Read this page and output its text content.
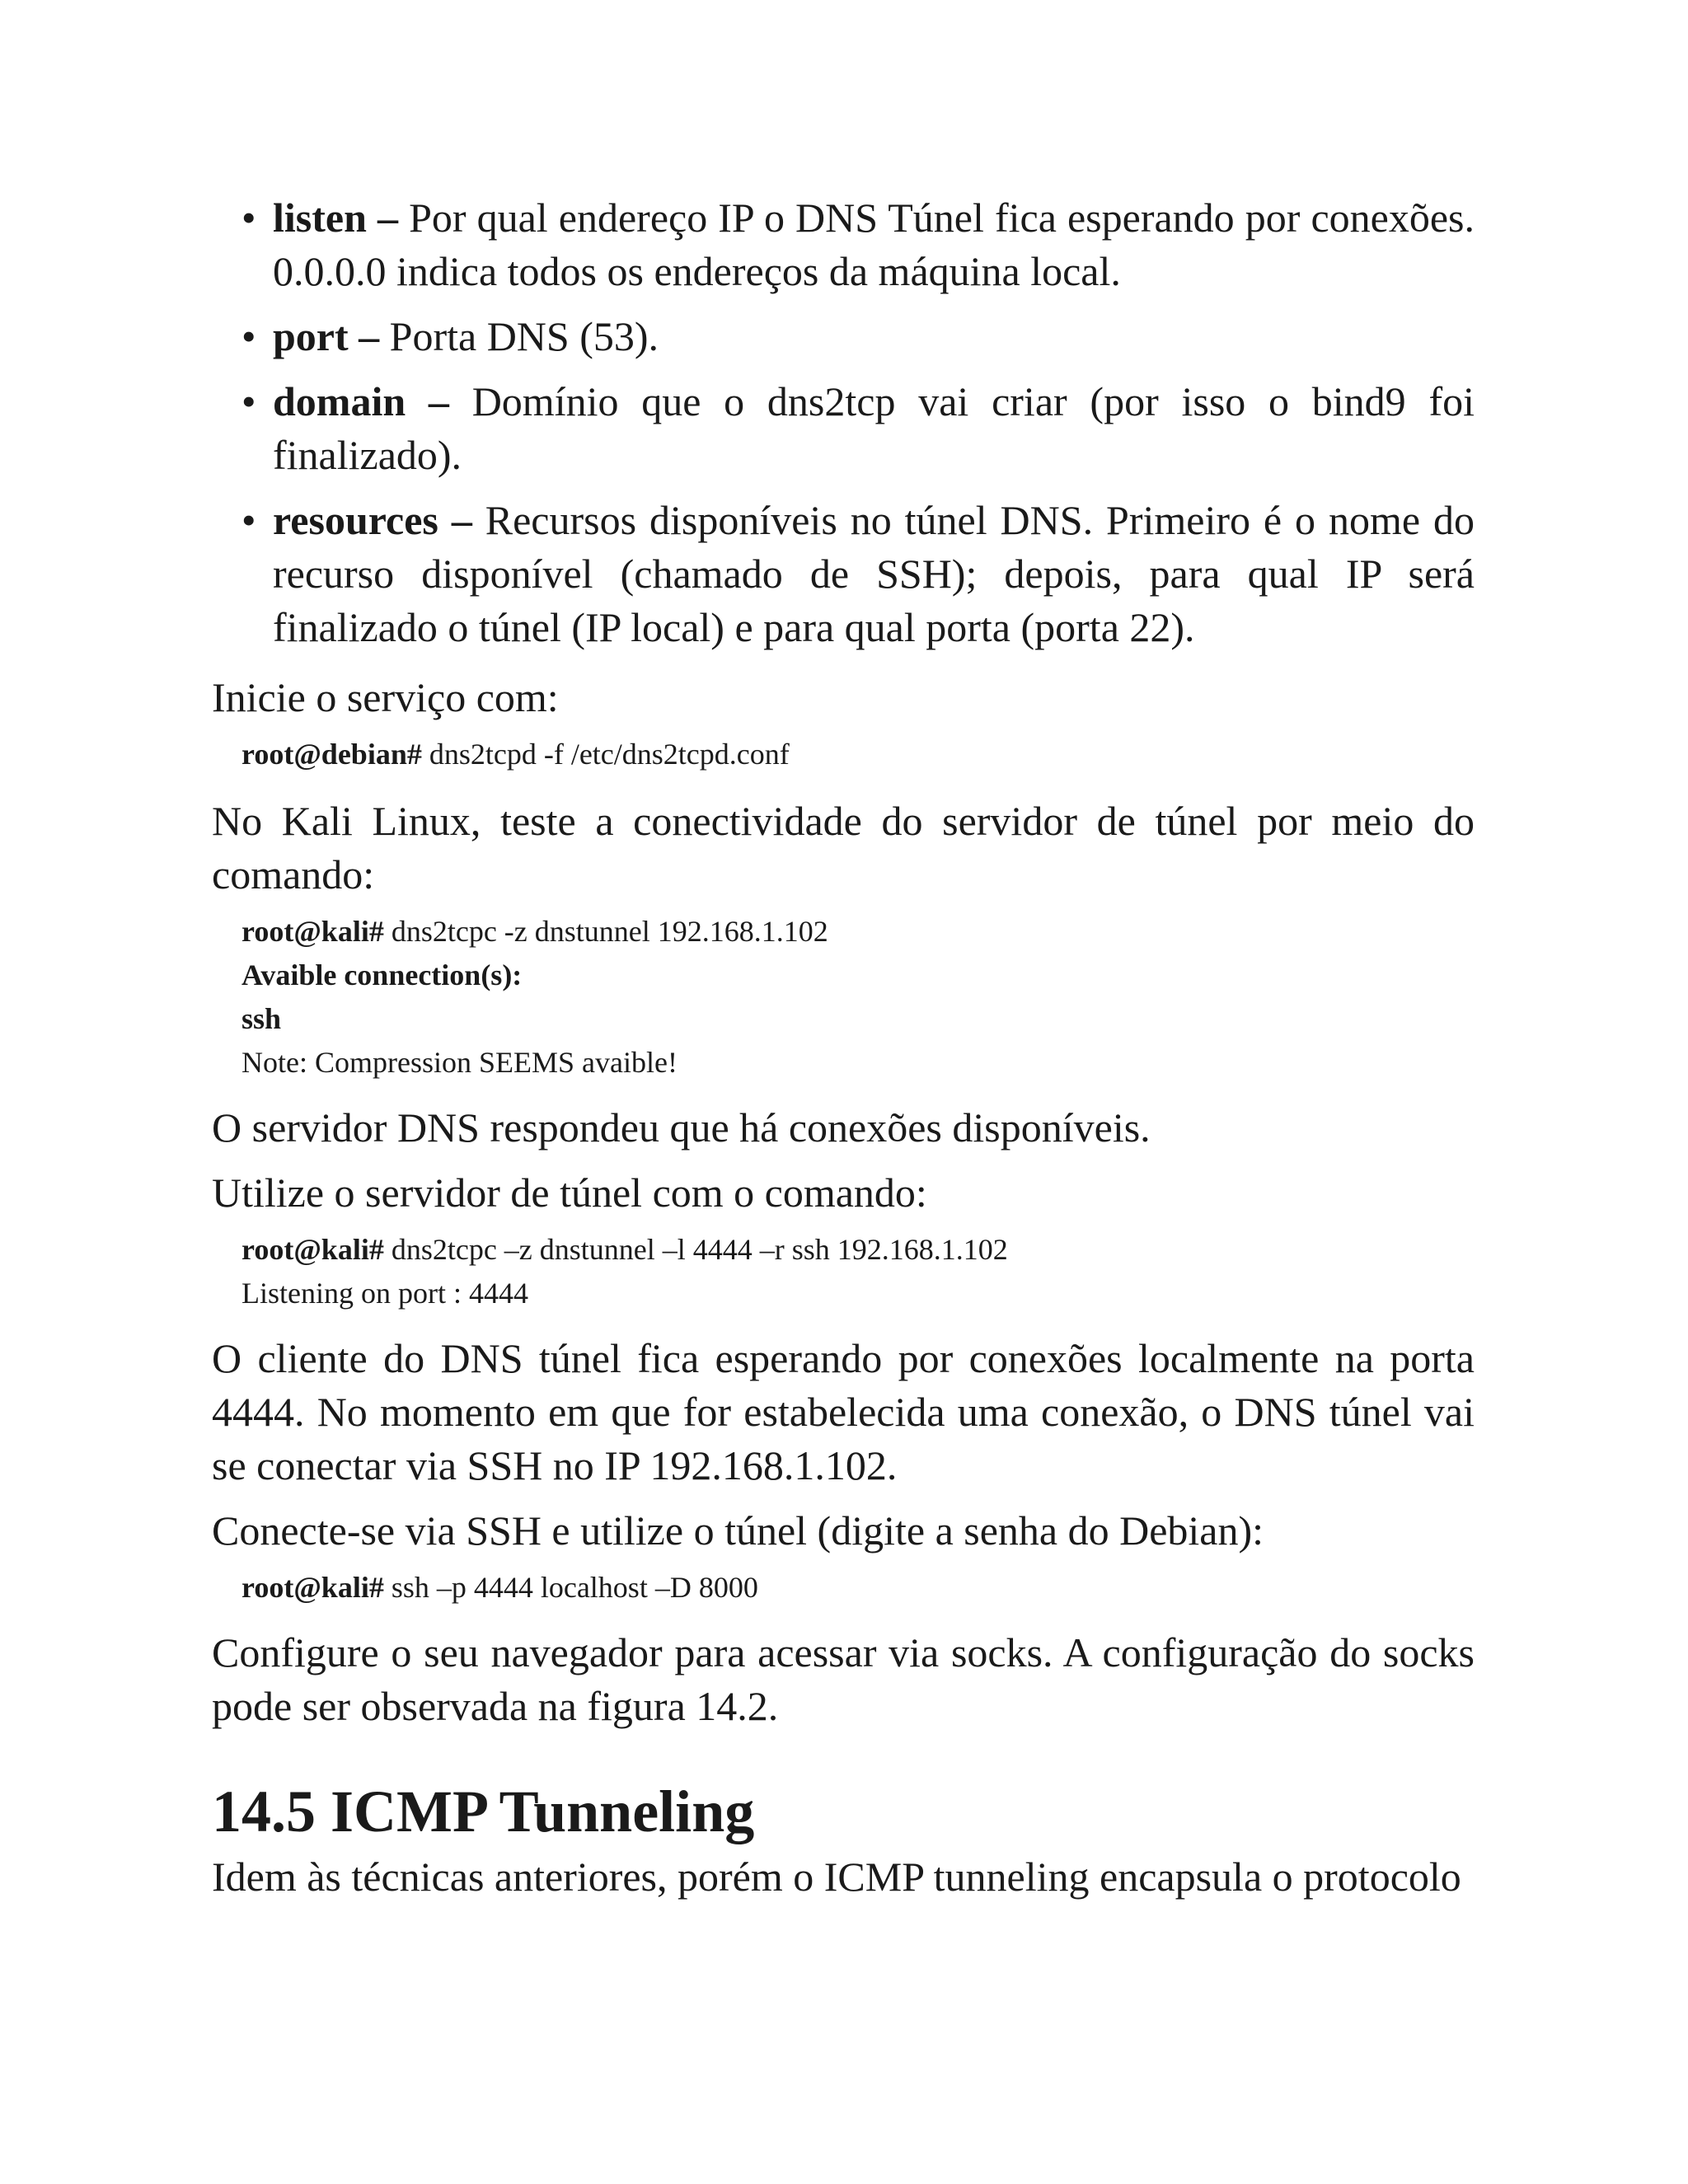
• listen – Por qual endereço IP o DNS Túnel fica esperando por conexões. 0.0.0.0 indica todos os endereços da máquina local.
• port – Porta DNS (53).
• domain – Domínio que o dns2tcp vai criar (por isso o bind9 foi finalizado).
• resources – Recursos disponíveis no túnel DNS. Primeiro é o nome do recurso disponível (chamado de SSH); depois, para qual IP será finalizado o túnel (IP local) e para qual porta (porta 22).

Inicie o serviço com:

root@debian# dns2tcpd -f /etc/dns2tcpd.conf

No Kali Linux, teste a conectividade do servidor de túnel por meio do comando:

root@kali# dns2tcpc -z dnstunnel 192.168.1.102
Avaible connection(s):
ssh
Note: Compression SEEMS avaible!

O servidor DNS respondeu que há conexões disponíveis.

Utilize o servidor de túnel com o comando:

root@kali# dns2tcpc –z dnstunnel –l 4444 –r ssh 192.168.1.102
Listening on port : 4444

O cliente do DNS túnel fica esperando por conexões localmente na porta 4444. No momento em que for estabelecida uma conexão, o DNS túnel vai se conectar via SSH no IP 192.168.1.102.

Conecte-se via SSH e utilize o túnel (digite a senha do Debian):

root@kali# ssh –p 4444 localhost –D 8000

Configure o seu navegador para acessar via socks. A configuração do socks pode ser observada na figura 14.2.

14.5 ICMP Tunneling

Idem às técnicas anteriores, porém o ICMP tunneling encapsula o protocolo
